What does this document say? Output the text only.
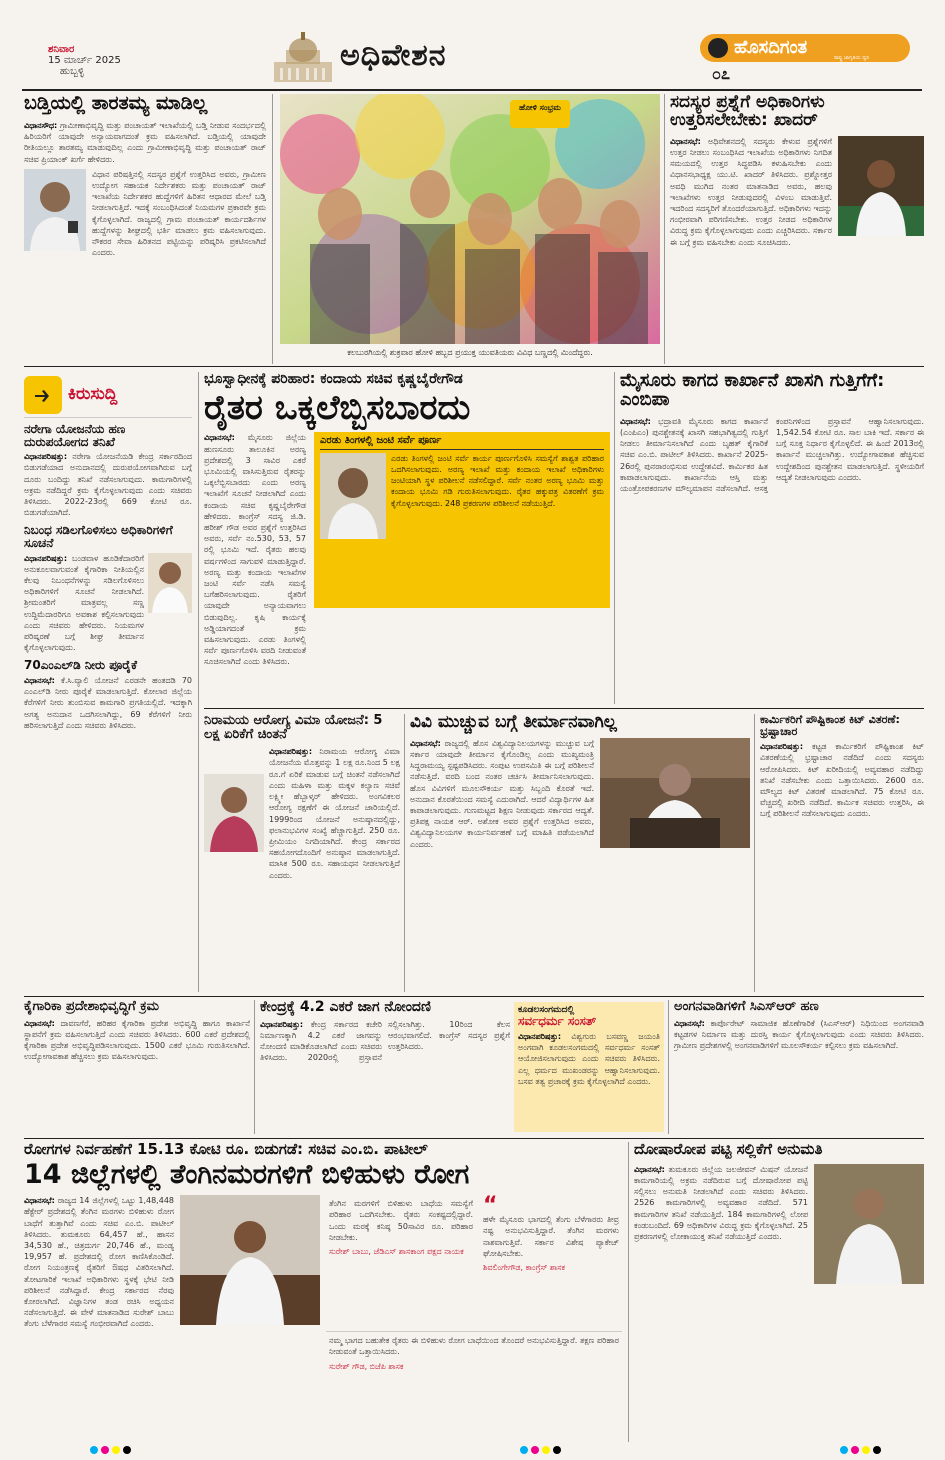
ಶನಿವಾರ
15 ಮಾರ್ಚ್ 2025
ಹುಬ್ಬಳ್ಳಿ	ಅಧಿವೇಶನ	ಹೊಸದಿಗಂತ	ರಾಷ್ಟ್ರ ಜಾಗೃತಿಯ ಧ್ವನಿ
೦೭
ಬಡ್ತಿಯಲ್ಲಿ ತಾರತಮ್ಯ ಮಾಡಿಲ್ಲ
ವಿಧಾನಸೌಧ: ಗ್ರಾಮೀಣಾಭಿವೃದ್ಧಿ ಮತ್ತು ಪಂಚಾಯತ್ ಇಲಾಖೆಯಲ್ಲಿ ಬಡ್ತಿ ನೀಡುವ ಸಂದರ್ಭದಲ್ಲಿ ಹಿರಿಯರಿಗೆ ಯಾವುದೇ ಅನ್ಯಾಯವಾಗದಂತೆ ಕ್ರಮ ವಹಿಸಲಾಗಿದೆ. ಬಡ್ತಿಯಲ್ಲಿ ಯಾವುದೇ ರೀತಿಯಲ್ಲೂ ತಾರತಮ್ಯ ಮಾಡುವುದಿಲ್ಲ ಎಂದು ಗ್ರಾಮೀಣಾಭಿವೃದ್ಧಿ ಮತ್ತು ಪಂಚಾಯತ್ ರಾಜ್ ಸಚಿವ ಪ್ರಿಯಾಂಕ್ ಖರ್ಗೆ ಹೇಳಿದರು.
ವಿಧಾನ ಪರಿಷತ್ತಿನಲ್ಲಿ ಸದಸ್ಯರ ಪ್ರಶ್ನೆಗೆ ಉತ್ತರಿಸಿದ ಅವರು, ಗ್ರಾಮೀಣ ಉದ್ಯೋಗ ಸಹಾಯಕ ನಿರ್ದೇಶಕರು ಮತ್ತು ಪಂಚಾಯತ್ ರಾಜ್ ಇಲಾಖೆಯ ನಿರ್ದೇಶಕರ ಹುದ್ದೆಗಳಿಗೆ ಹಿರಿತನ ಆಧಾರದ ಮೇಲೆ ಬಡ್ತಿ ನೀಡಲಾಗುತ್ತಿದೆ. ಇದಕ್ಕೆ ಸಂಬಂಧಿಸಿದಂತೆ ನಿಯಮಗಳ ಪ್ರಕಾರವೇ ಕ್ರಮ ಕೈಗೊಳ್ಳಲಾಗಿದೆ. ರಾಜ್ಯದಲ್ಲಿ ಗ್ರಾಮ ಪಂಚಾಯತ್ ಕಾರ್ಯದರ್ಶಿಗಳ ಹುದ್ದೆಗಳನ್ನು ಶೀಘ್ರದಲ್ಲಿ ಭರ್ತಿ ಮಾಡಲು ಕ್ರಮ ವಹಿಸಲಾಗುವುದು. ನೌಕರರ ಸೇವಾ ಹಿರಿತನದ ಪಟ್ಟಿಯನ್ನು ಪರಿಷ್ಕರಿಸಿ ಪ್ರಕಟಿಸಲಾಗಿದೆ ಎಂದರು.
ಹೋಳಿ ಸಂಭ್ರಮ
ಕಲಬುರಗಿಯಲ್ಲಿ ಶುಕ್ರವಾರ ಹೋಳಿ ಹಬ್ಬದ ಪ್ರಯುಕ್ತ ಯುವತಿಯರು ವಿವಿಧ ಬಣ್ಣದಲ್ಲಿ ಮಿಂದೆದ್ದರು.
ಸದಸ್ಯರ ಪ್ರಶ್ನೆಗೆ ಅಧಿಕಾರಿಗಳು ಉತ್ತರಿಸಲೇಬೇಕು: ಖಾದರ್
ವಿಧಾನಸಭೆ: ಅಧಿವೇಶನದಲ್ಲಿ ಸದಸ್ಯರು ಕೇಳುವ ಪ್ರಶ್ನೆಗಳಿಗೆ ಉತ್ತರ ನೀಡಲು ಸಂಬಂಧಿಸಿದ ಇಲಾಖೆಯ ಅಧಿಕಾರಿಗಳು ನಿಗದಿತ ಸಮಯದಲ್ಲಿ ಉತ್ತರ ಸಿದ್ಧಪಡಿಸಿ ಕಳುಹಿಸಬೇಕು ಎಂದು ವಿಧಾನಸಭಾಧ್ಯಕ್ಷ ಯು.ಟಿ. ಖಾದರ್ ತಿಳಿಸಿದರು. ಪ್ರಶ್ನೋತ್ತರ ಅವಧಿ ಮುಗಿದ ನಂತರ ಮಾತನಾಡಿದ ಅವರು, ಹಲವು ಇಲಾಖೆಗಳು ಉತ್ತರ ನೀಡುವುದರಲ್ಲಿ ವಿಳಂಬ ಮಾಡುತ್ತಿವೆ. ಇದರಿಂದ ಸದಸ್ಯರಿಗೆ ತೊಂದರೆಯಾಗುತ್ತಿದೆ. ಅಧಿಕಾರಿಗಳು ಇದನ್ನು ಗಂಭೀರವಾಗಿ ಪರಿಗಣಿಸಬೇಕು. ಉತ್ತರ ನೀಡದ ಅಧಿಕಾರಿಗಳ ವಿರುದ್ಧ ಕ್ರಮ ಕೈಗೊಳ್ಳಲಾಗುವುದು ಎಂದು ಎಚ್ಚರಿಸಿದರು. ಸರ್ಕಾರ ಈ ಬಗ್ಗೆ ಕ್ರಮ ವಹಿಸಬೇಕು ಎಂದು ಸೂಚಿಸಿದರು.
ಕಿರುಸುದ್ದಿ
ನರೇಗಾ ಯೋಜನೆಯ ಹಣ ದುರುಪಯೋಗದ ತನಿಖೆ
ವಿಧಾನಪರಿಷತ್ತು: ನರೇಗಾ ಯೋಜನೆಯಡಿ ಕೇಂದ್ರ ಸರ್ಕಾರದಿಂದ ಬಿಡುಗಡೆಯಾದ ಅನುದಾನದಲ್ಲಿ ದುರುಪಯೋಗವಾಗಿರುವ ಬಗ್ಗೆ ದೂರು ಬಂದಿದ್ದು ತನಿಖೆ ನಡೆಸಲಾಗುವುದು. ಕಾಮಗಾರಿಗಳಲ್ಲಿ ಅಕ್ರಮ ನಡೆದಿದ್ದರೆ ಕ್ರಮ ಕೈಗೊಳ್ಳಲಾಗುವುದು ಎಂದು ಸಚಿವರು ತಿಳಿಸಿದರು. 2022-23ರಲ್ಲಿ 669 ಕೋಟಿ ರೂ. ಬಿಡುಗಡೆಯಾಗಿದೆ.
ನಿಬಂಧ ಸಡಿಲಗೊಳಿಸಲು ಅಧಿಕಾರಿಗಳಿಗೆ ಸೂಚನೆ
ವಿಧಾನಪರಿಷತ್ತು: ಬಂಡವಾಳ ಹೂಡಿಕೆದಾರರಿಗೆ ಅನುಕೂಲವಾಗುವಂತೆ ಕೈಗಾರಿಕಾ ನೀತಿಯಲ್ಲಿನ ಕೆಲವು ನಿಬಂಧನೆಗಳನ್ನು ಸಡಿಲಗೊಳಿಸಲು ಅಧಿಕಾರಿಗಳಿಗೆ ಸೂಚನೆ ನೀಡಲಾಗಿದೆ. ಶ್ರೀಮಂತರಿಗೆ ಮಾತ್ರವಲ್ಲ ಸಣ್ಣ ಉದ್ದಿಮೆದಾರರಿಗೂ ಅವಕಾಶ ಕಲ್ಪಿಸಲಾಗುವುದು ಎಂದು ಸಚಿವರು ಹೇಳಿದರು. ನಿಯಮಗಳ ಪರಿಷ್ಕರಣೆ ಬಗ್ಗೆ ಶೀಘ್ರ ತೀರ್ಮಾನ ಕೈಗೊಳ್ಳಲಾಗುವುದು.
70ಎಂಎಲ್‌ಡಿ ನೀರು ಪೂರೈಕೆ
ವಿಧಾನಸಭೆ: ಕೆ.ಸಿ.ವ್ಯಾಲಿ ಯೋಜನೆ ಎರಡನೇ ಹಂತದಡಿ 70 ಎಂಎಲ್‌ಡಿ ನೀರು ಪೂರೈಕೆ ಮಾಡಲಾಗುತ್ತಿದೆ. ಕೋಲಾರ ಜಿಲ್ಲೆಯ ಕೆರೆಗಳಿಗೆ ನೀರು ತುಂಬಿಸುವ ಕಾಮಗಾರಿ ಪ್ರಗತಿಯಲ್ಲಿದೆ. ಇದಕ್ಕಾಗಿ ಅಗತ್ಯ ಅನುದಾನ ಒದಗಿಸಲಾಗಿದ್ದು, 69 ಕೆರೆಗಳಿಗೆ ನೀರು ಹರಿಸಲಾಗುತ್ತಿದೆ ಎಂದು ಸಚಿವರು ತಿಳಿಸಿದರು.
ಭೂಸ್ವಾಧೀನಕ್ಕೆ ಪರಿಹಾರ: ಕಂದಾಯ ಸಚಿವ ಕೃಷ್ಣಬೈರೇಗೌಡ
ರೈತರ ಒಕ್ಕಲೆಬ್ಬಿಸಬಾರದು
ವಿಧಾನಸಭೆ: ಮೈಸೂರು ಜಿಲ್ಲೆಯ ಹುಣಸೂರು ತಾಲೂಕಿನ ಅರಣ್ಯ ಪ್ರದೇಶದಲ್ಲಿ 3 ಸಾವಿರ ಎಕರೆ ಭೂಮಿಯಲ್ಲಿ ವಾಸಿಸುತ್ತಿರುವ ರೈತರನ್ನು ಒಕ್ಕಲೆಬ್ಬಿಸಬಾರದು ಎಂದು ಅರಣ್ಯ ಇಲಾಖೆಗೆ ಸೂಚನೆ ನೀಡಲಾಗಿದೆ ಎಂದು ಕಂದಾಯ ಸಚಿವ ಕೃಷ್ಣಬೈರೇಗೌಡ ಹೇಳಿದರು. ಕಾಂಗ್ರೆಸ್ ಸದಸ್ಯ ಜಿ.ಡಿ. ಹರೀಶ್ ಗೌಡ ಅವರ ಪ್ರಶ್ನೆಗೆ ಉತ್ತರಿಸಿದ ಅವರು, ಸರ್ವೆ ನಂ.530, 53, 57 ರಲ್ಲಿ ಭೂಮಿ ಇದೆ. ರೈತರು ಹಲವು ವರ್ಷಗಳಿಂದ ಸಾಗುವಳಿ ಮಾಡುತ್ತಿದ್ದಾರೆ. ಅರಣ್ಯ ಮತ್ತು ಕಂದಾಯ ಇಲಾಖೆಗಳ ಜಂಟಿ ಸರ್ವೆ ನಡೆಸಿ ಸಮಸ್ಯೆ ಬಗೆಹರಿಸಲಾಗುವುದು. ರೈತರಿಗೆ ಯಾವುದೇ ಅನ್ಯಾಯವಾಗಲು ಬಿಡುವುದಿಲ್ಲ. ಕೃಷಿ ಕಾರ್ಯಕ್ಕೆ ಅಡ್ಡಿಯಾಗದಂತೆ ಕ್ರಮ ವಹಿಸಲಾಗುವುದು. ಎರಡು ತಿಂಗಳಲ್ಲಿ ಸರ್ವೆ ಪೂರ್ಣಗೊಳಿಸಿ ವರದಿ ನೀಡುವಂತೆ ಸೂಚಿಸಲಾಗಿದೆ ಎಂದು ತಿಳಿಸಿದರು.
ಎರಡು ತಿಂಗಳಲ್ಲಿ ಜಂಟಿ ಸರ್ವೆ ಪೂರ್ಣ
ಎರಡು ತಿಂಗಳಲ್ಲಿ ಜಂಟಿ ಸರ್ವೆ ಕಾರ್ಯ ಪೂರ್ಣಗೊಳಿಸಿ ಸಮಸ್ಯೆಗೆ ಶಾಶ್ವತ ಪರಿಹಾರ ಒದಗಿಸಲಾಗುವುದು. ಅರಣ್ಯ ಇಲಾಖೆ ಮತ್ತು ಕಂದಾಯ ಇಲಾಖೆ ಅಧಿಕಾರಿಗಳು ಜಂಟಿಯಾಗಿ ಸ್ಥಳ ಪರಿಶೀಲನೆ ನಡೆಸಲಿದ್ದಾರೆ. ಸರ್ವೆ ನಂತರ ಅರಣ್ಯ ಭೂಮಿ ಮತ್ತು ಕಂದಾಯ ಭೂಮಿ ಗಡಿ ಗುರುತಿಸಲಾಗುವುದು. ರೈತರ ಹಕ್ಕುಪತ್ರ ವಿತರಣೆಗೆ ಕ್ರಮ ಕೈಗೊಳ್ಳಲಾಗುವುದು. 248 ಪ್ರಕರಣಗಳ ಪರಿಶೀಲನೆ ನಡೆಯುತ್ತಿದೆ.
ಮೈಸೂರು ಕಾಗದ ಕಾರ್ಖಾನೆ ಖಾಸಗಿ ಗುತ್ತಿಗೆಗೆ: ಎಂಬಿಪಾ
ವಿಧಾನಸಭೆ: ಭದ್ರಾವತಿ ಮೈಸೂರು ಕಾಗದ ಕಾರ್ಖಾನೆ (ಎಂಪಿಎಂ) ಪುನಶ್ಚೇತನಕ್ಕೆ ಖಾಸಗಿ ಸಹಭಾಗಿತ್ವದಲ್ಲಿ ಗುತ್ತಿಗೆ ನೀಡಲು ತೀರ್ಮಾನಿಸಲಾಗಿದೆ ಎಂದು ಬೃಹತ್ ಕೈಗಾರಿಕೆ ಸಚಿವ ಎಂ.ಬಿ. ಪಾಟೀಲ್ ತಿಳಿಸಿದರು. ಕಾರ್ಖಾನೆ 2025-26ರಲ್ಲಿ ಪುನರಾರಂಭಿಸುವ ಉದ್ದೇಶವಿದೆ. ಕಾರ್ಮಿಕರ ಹಿತ ಕಾಪಾಡಲಾಗುವುದು. ಕಾರ್ಖಾನೆಯ ಆಸ್ತಿ ಮತ್ತು ಯಂತ್ರೋಪಕರಣಗಳ ಮೌಲ್ಯಮಾಪನ ನಡೆಸಲಾಗಿದೆ. ಆಸಕ್ತ ಕಂಪನಿಗಳಿಂದ ಪ್ರಸ್ತಾವನೆ ಆಹ್ವಾನಿಸಲಾಗುವುದು. 1,542.54 ಕೋಟಿ ರೂ. ಸಾಲ ಬಾಕಿ ಇದೆ. ಸರ್ಕಾರ ಈ ಬಗ್ಗೆ ಸೂಕ್ತ ನಿರ್ಧಾರ ಕೈಗೊಳ್ಳಲಿದೆ. ಈ ಹಿಂದೆ 2013ರಲ್ಲಿ ಕಾರ್ಖಾನೆ ಮುಚ್ಚಲಾಗಿತ್ತು. ಉದ್ಯೋಗಾವಕಾಶ ಹೆಚ್ಚಿಸುವ ಉದ್ದೇಶದಿಂದ ಪುನಶ್ಚೇತನ ಮಾಡಲಾಗುತ್ತಿದೆ. ಸ್ಥಳೀಯರಿಗೆ ಆದ್ಯತೆ ನೀಡಲಾಗುವುದು ಎಂದರು.
ನಿರಾಮಯ ಆರೋಗ್ಯ ವಿಮಾ ಯೋಜನೆ: 5 ಲಕ್ಷ ಏರಿಕೆಗೆ ಚಿಂತನೆ
ವಿಧಾನಪರಿಷತ್ತು: ನಿರಾಮಯ ಆರೋಗ್ಯ ವಿಮಾ ಯೋಜನೆಯ ಮೊತ್ತವನ್ನು 1 ಲಕ್ಷ ರೂ.ನಿಂದ 5 ಲಕ್ಷ ರೂ.ಗೆ ಏರಿಕೆ ಮಾಡುವ ಬಗ್ಗೆ ಚಿಂತನೆ ನಡೆಸಲಾಗಿದೆ ಎಂದು ಮಹಿಳಾ ಮತ್ತು ಮಕ್ಕಳ ಕಲ್ಯಾಣ ಸಚಿವೆ ಲಕ್ಷ್ಮೀ ಹೆಬ್ಬಾಳ್ಕರ್ ಹೇಳಿದರು. ಅಂಗವಿಕಲರ ಆರೋಗ್ಯ ರಕ್ಷಣೆಗೆ ಈ ಯೋಜನೆ ಜಾರಿಯಲ್ಲಿದೆ. 1999ರಿಂದ ಯೋಜನೆ ಅನುಷ್ಠಾನದಲ್ಲಿದ್ದು, ಫಲಾನುಭವಿಗಳ ಸಂಖ್ಯೆ ಹೆಚ್ಚಾಗುತ್ತಿದೆ. 250 ರೂ. ಪ್ರೀಮಿಯಂ ನಿಗದಿಯಾಗಿದೆ. ಕೇಂದ್ರ ಸರ್ಕಾರದ ಸಹಯೋಗದೊಂದಿಗೆ ಅನುಷ್ಠಾನ ಮಾಡಲಾಗುತ್ತಿದೆ. ಮಾಸಿಕ 500 ರೂ. ಸಹಾಯಧನ ನೀಡಲಾಗುತ್ತಿದೆ ಎಂದರು.
ವಿವಿ ಮುಚ್ಚುವ ಬಗ್ಗೆ ತೀರ್ಮಾನವಾಗಿಲ್ಲ
ವಿಧಾನಸಭೆ: ರಾಜ್ಯದಲ್ಲಿ ಹೊಸ ವಿಶ್ವವಿದ್ಯಾನಿಲಯಗಳನ್ನು ಮುಚ್ಚುವ ಬಗ್ಗೆ ಸರ್ಕಾರ ಯಾವುದೇ ತೀರ್ಮಾನ ಕೈಗೊಂಡಿಲ್ಲ ಎಂದು ಮುಖ್ಯಮಂತ್ರಿ ಸಿದ್ದರಾಮಯ್ಯ ಸ್ಪಷ್ಟಪಡಿಸಿದರು. ಸಂಪುಟ ಉಪಸಮಿತಿ ಈ ಬಗ್ಗೆ ಪರಿಶೀಲನೆ ನಡೆಸುತ್ತಿದೆ. ವರದಿ ಬಂದ ನಂತರ ಚರ್ಚಿಸಿ ತೀರ್ಮಾನಿಸಲಾಗುವುದು. ಹೊಸ ವಿವಿಗಳಿಗೆ ಮೂಲಸೌಕರ್ಯ ಮತ್ತು ಸಿಬ್ಬಂದಿ ಕೊರತೆ ಇದೆ. ಅನುದಾನ ಕೊರತೆಯಿಂದ ಸಮಸ್ಯೆ ಎದುರಾಗಿದೆ. ಆದರೆ ವಿದ್ಯಾರ್ಥಿಗಳ ಹಿತ ಕಾಪಾಡಲಾಗುವುದು. ಗುಣಮಟ್ಟದ ಶಿಕ್ಷಣ ನೀಡುವುದು ಸರ್ಕಾರದ ಆದ್ಯತೆ. ಪ್ರತಿಪಕ್ಷ ನಾಯಕ ಆರ್. ಅಶೋಕ ಅವರ ಪ್ರಶ್ನೆಗೆ ಉತ್ತರಿಸಿದ ಅವರು, ವಿಶ್ವವಿದ್ಯಾನಿಲಯಗಳ ಕಾರ್ಯನಿರ್ವಹಣೆ ಬಗ್ಗೆ ಮಾಹಿತಿ ಪಡೆಯಲಾಗಿದೆ ಎಂದರು.
ಕಾರ್ಮಿಕರಿಗೆ ಪೌಷ್ಟಿಕಾಂಶ ಕಿಟ್ ವಿತರಣೆ: ಭ್ರಷ್ಟಾಚಾರ
ವಿಧಾನಪರಿಷತ್ತು: ಕಟ್ಟಡ ಕಾರ್ಮಿಕರಿಗೆ ಪೌಷ್ಟಿಕಾಂಶ ಕಿಟ್ ವಿತರಣೆಯಲ್ಲಿ ಭ್ರಷ್ಟಾಚಾರ ನಡೆದಿದೆ ಎಂದು ಸದಸ್ಯರು ಆರೋಪಿಸಿದರು. ಕಿಟ್ ಖರೀದಿಯಲ್ಲಿ ಅವ್ಯವಹಾರ ನಡೆದಿದ್ದು ತನಿಖೆ ನಡೆಸಬೇಕು ಎಂದು ಒತ್ತಾಯಿಸಿದರು. 2600 ರೂ. ಮೌಲ್ಯದ ಕಿಟ್ ವಿತರಣೆ ಮಾಡಲಾಗಿದೆ. 75 ಕೋಟಿ ರೂ. ವೆಚ್ಚದಲ್ಲಿ ಖರೀದಿ ನಡೆದಿದೆ. ಕಾರ್ಮಿಕ ಸಚಿವರು ಉತ್ತರಿಸಿ, ಈ ಬಗ್ಗೆ ಪರಿಶೀಲನೆ ನಡೆಸಲಾಗುವುದು ಎಂದರು.
ಕೈಗಾರಿಕಾ ಪ್ರದೇಶಾಭಿವೃದ್ಧಿಗೆ ಕ್ರಮ
ವಿಧಾನಸಭೆ: ದಾವಣಗೆರೆ, ಹರಿಹರ ಕೈಗಾರಿಕಾ ಪ್ರದೇಶ ಅಭಿವೃದ್ಧಿ ಹಾಗೂ ಕಾರ್ಖಾನೆ ಸ್ಥಾಪನೆಗೆ ಕ್ರಮ ವಹಿಸಲಾಗುತ್ತಿದೆ ಎಂದು ಸಚಿವರು ತಿಳಿಸಿದರು. 600 ಎಕರೆ ಪ್ರದೇಶದಲ್ಲಿ ಕೈಗಾರಿಕಾ ಪ್ರದೇಶ ಅಭಿವೃದ್ಧಿಪಡಿಸಲಾಗುವುದು. 1500 ಎಕರೆ ಭೂಮಿ ಗುರುತಿಸಲಾಗಿದೆ. ಉದ್ಯೋಗಾವಕಾಶ ಹೆಚ್ಚಿಸಲು ಕ್ರಮ ವಹಿಸಲಾಗುವುದು.
ಕೇಂದ್ರಕ್ಕೆ 4.2 ಎಕರೆ ಜಾಗ ನೋಂದಣಿ
ವಿಧಾನಪರಿಷತ್ತು: ಕೇಂದ್ರ ಸರ್ಕಾರದ ಕಚೇರಿ ನಿರ್ಮಾಣಕ್ಕಾಗಿ 4.2 ಎಕರೆ ಜಾಗವನ್ನು ನೋಂದಣಿ ಮಾಡಿಕೊಡಲಾಗಿದೆ ಎಂದು ಸಚಿವರು ತಿಳಿಸಿದರು. 2020ರಲ್ಲಿ ಪ್ರಸ್ತಾವನೆ ಸಲ್ಲಿಸಲಾಗಿತ್ತು. 10ರಿಂದ ಕೆಲಸ ಆರಂಭವಾಗಲಿದೆ. ಕಾಂಗ್ರೆಸ್ ಸದಸ್ಯರ ಪ್ರಶ್ನೆಗೆ ಉತ್ತರಿಸಿದರು.
ಕೂಡಲಸಂಗಮದಲ್ಲಿ
ಸರ್ವಧರ್ಮ ಸಂಸತ್
ವಿಧಾನಪರಿಷತ್ತು: ವಿಶ್ವಗುರು ಬಸವಣ್ಣ ಜಯಂತಿ ಅಂಗವಾಗಿ ಕೂಡಲಸಂಗಮದಲ್ಲಿ ಸರ್ವಧರ್ಮ ಸಂಸತ್ ಆಯೋಜಿಸಲಾಗುವುದು ಎಂದು ಸಚಿವರು ತಿಳಿಸಿದರು. ಎಲ್ಲ ಧರ್ಮದ ಮುಖಂಡರನ್ನು ಆಹ್ವಾನಿಸಲಾಗುವುದು. ಬಸವ ತತ್ವ ಪ್ರಚಾರಕ್ಕೆ ಕ್ರಮ ಕೈಗೊಳ್ಳಲಾಗಿದೆ ಎಂದರು.
ಅಂಗನವಾಡಿಗಳಿಗೆ ಸಿಎಸ್‌ಆರ್ ಹಣ
ವಿಧಾನಸಭೆ: ಕಾರ್ಪೊರೇಟ್ ಸಾಮಾಜಿಕ ಹೊಣೆಗಾರಿಕೆ (ಸಿಎಸ್‌ಆರ್) ನಿಧಿಯಿಂದ ಅಂಗನವಾಡಿ ಕಟ್ಟಡಗಳ ನಿರ್ಮಾಣ ಮತ್ತು ದುರಸ್ತಿ ಕಾರ್ಯ ಕೈಗೊಳ್ಳಲಾಗುವುದು ಎಂದು ಸಚಿವರು ತಿಳಿಸಿದರು. ಗ್ರಾಮೀಣ ಪ್ರದೇಶಗಳಲ್ಲಿ ಅಂಗನವಾಡಿಗಳಿಗೆ ಮೂಲಸೌಕರ್ಯ ಕಲ್ಪಿಸಲು ಕ್ರಮ ವಹಿಸಲಾಗಿದೆ.
ರೋಗಗಳ ನಿರ್ವಹಣೆಗೆ 15.13 ಕೋಟಿ ರೂ. ಬಿಡುಗಡೆ: ಸಚಿವ ಎಂ.ಬಿ. ಪಾಟೀಲ್
14 ಜಿಲ್ಲೆಗಳಲ್ಲಿ ತೆಂಗಿನಮರಗಳಿಗೆ ಬಿಳಿಹುಳು ರೋಗ
ವಿಧಾನಸಭೆ: ರಾಜ್ಯದ 14 ಜಿಲ್ಲೆಗಳಲ್ಲಿ ಒಟ್ಟು 1,48,448 ಹೆಕ್ಟೇರ್ ಪ್ರದೇಶದಲ್ಲಿ ತೆಂಗಿನ ಮರಗಳು ಬಿಳಿಹುಳು ರೋಗ ಬಾಧೆಗೆ ತುತ್ತಾಗಿವೆ ಎಂದು ಸಚಿವ ಎಂ.ಬಿ. ಪಾಟೀಲ್ ತಿಳಿಸಿದರು. ತುಮಕೂರು 64,457 ಹೆ., ಹಾಸನ 34,530 ಹೆ., ಚಿತ್ರದುರ್ಗ 20,746 ಹೆ., ಮಂಡ್ಯ 19,957 ಹೆ. ಪ್ರದೇಶದಲ್ಲಿ ರೋಗ ಕಾಣಿಸಿಕೊಂಡಿದೆ. ರೋಗ ನಿಯಂತ್ರಣಕ್ಕೆ ರೈತರಿಗೆ ಔಷಧ ವಿತರಿಸಲಾಗಿದೆ. ತೋಟಗಾರಿಕೆ ಇಲಾಖೆ ಅಧಿಕಾರಿಗಳು ಸ್ಥಳಕ್ಕೆ ಭೇಟಿ ನೀಡಿ ಪರಿಶೀಲನೆ ನಡೆಸಿದ್ದಾರೆ. ಕೇಂದ್ರ ಸರ್ಕಾರದ ನೆರವು ಕೋರಲಾಗಿದೆ. ವಿಜ್ಞಾನಿಗಳ ತಂಡ ರಚಿಸಿ ಅಧ್ಯಯನ ನಡೆಸಲಾಗುತ್ತಿದೆ. ಈ ವೇಳೆ ಮಾತನಾಡಿದ ಸುರೇಶ್ ಬಾಬು ತೆಂಗು ಬೆಳೆಗಾರರ ಸಮಸ್ಯೆ ಗಂಭೀರವಾಗಿದೆ ಎಂದರು.
ತೆಂಗಿನ ಮರಗಳಿಗೆ ಬಿಳಿಹುಳು ಬಾಧೆಯ ಸಮಸ್ಯೆಗೆ ಪರಿಹಾರ ಒದಗಿಸಬೇಕು. ರೈತರು ಸಂಕಷ್ಟದಲ್ಲಿದ್ದಾರೆ. ಒಂದು ಮರಕ್ಕೆ ಕನಿಷ್ಠ 50ಸಾವಿರ ರೂ. ಪರಿಹಾರ ನೀಡಬೇಕು.
ಸುರೇಶ್ ಬಾಬು, ಜೆಡಿಎಸ್ ಶಾಸಕಾಂಗ ಪಕ್ಷದ ನಾಯಕ
“
ಹಳೇ ಮೈಸೂರು ಭಾಗದಲ್ಲಿ ತೆಂಗು ಬೆಳೆಗಾರರು ತೀವ್ರ ನಷ್ಟ ಅನುಭವಿಸುತ್ತಿದ್ದಾರೆ. ತೆಂಗಿನ ಮರಗಳು ನಾಶವಾಗುತ್ತಿವೆ. ಸರ್ಕಾರ ವಿಶೇಷ ಪ್ಯಾಕೇಜ್ ಘೋಷಿಸಬೇಕು.
ಶಿವಲಿಂಗೇಗೌಡ, ಕಾಂಗ್ರೆಸ್ ಶಾಸಕ
ನಮ್ಮ ಭಾಗದ ಬಹುತೇಕ ರೈತರು ಈ ಬಿಳಿಹುಳು ರೋಗ ಬಾಧೆಯಿಂದ ತೊಂದರೆ ಅನುಭವಿಸುತ್ತಿದ್ದಾರೆ. ತಕ್ಷಣ ಪರಿಹಾರ ನೀಡುವಂತೆ ಒತ್ತಾಯಿಸಿದರು.
ಸುರೇಶ್ ಗೌಡ, ಬಿಜೆಪಿ ಶಾಸಕ
ದೋಷಾರೋಪ ಪಟ್ಟಿ ಸಲ್ಲಿಕೆಗೆ ಅನುಮತಿ
ವಿಧಾನಸಭೆ: ತುಮಕೂರು ಜಿಲ್ಲೆಯ ಜಲಜೀವನ್ ಮಿಷನ್ ಯೋಜನೆ ಕಾಮಗಾರಿಯಲ್ಲಿ ಅಕ್ರಮ ನಡೆದಿರುವ ಬಗ್ಗೆ ದೋಷಾರೋಪ ಪಟ್ಟಿ ಸಲ್ಲಿಸಲು ಅನುಮತಿ ನೀಡಲಾಗಿದೆ ಎಂದು ಸಚಿವರು ತಿಳಿಸಿದರು. 2526 ಕಾಮಗಾರಿಗಳಲ್ಲಿ ಅವ್ಯವಹಾರ ನಡೆದಿದೆ. 571 ಕಾಮಗಾರಿಗಳ ತನಿಖೆ ನಡೆಯುತ್ತಿದೆ. 184 ಕಾಮಗಾರಿಗಳಲ್ಲಿ ಲೋಪ ಕಂಡುಬಂದಿದೆ. 69 ಅಧಿಕಾರಿಗಳ ವಿರುದ್ಧ ಕ್ರಮ ಕೈಗೊಳ್ಳಲಾಗಿದೆ. 25 ಪ್ರಕರಣಗಳಲ್ಲಿ ಲೋಕಾಯುಕ್ತ ತನಿಖೆ ನಡೆಯುತ್ತಿದೆ ಎಂದರು.
